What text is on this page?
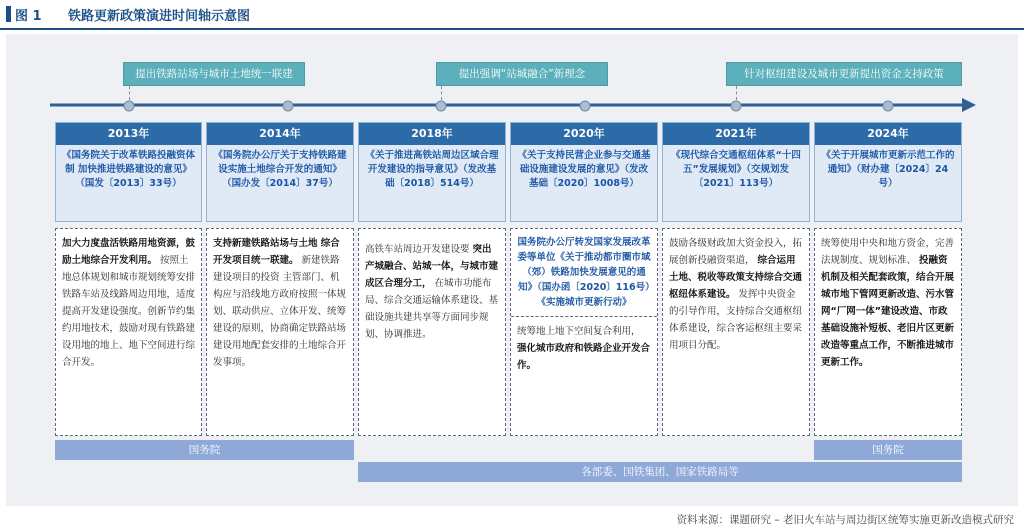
图 1 铁路更新政策演进时间轴示意图
提出铁路站场与城市土地统一联建	提出强调“站城融合”新理念	针对枢纽建设及城市更新提出资金支持政策
2013年
《国务院关于改革铁路投融资体制 加快推进铁路建设的意见》（国发〔2013〕33号）
2014年
《国务院办公厅关于支持铁路建设实施土地综合开发的通知》（国办发〔2014〕37号）
2018年
《关于推进高铁站周边区域合理开发建设的指导意见》（发改基础〔2018〕514号）
2020年
《关于支持民营企业参与交通基础设施建设发展的意见》（发改基础〔2020〕1008号）
2021年
《现代综合交通枢纽体系“十四五”发展规划》（交规划发〔2021〕113号）
2024年
《关于开展城市更新示范工作的通知》（财办建〔2024〕24号）
加大力度盘活铁路用地资源，鼓励土地综合开发利用。 按照土地总体规划和城市规划统筹安排铁路车站及线路周边用地，适度提高开发建设强度。创新节约集约用地技术，鼓励对现有铁路建设用地的地上、地下空间进行综合开发。
支持新建铁路站场与土地 综合开发项目统一联建。 新建铁路建设项目的投资 主管部门、机构应与沿线地方政府按照一体规划、联动供应、立体开发、统筹建设的原则，协商确定铁路站场建设用地配套安排的土地综合开发事项。
高铁车站周边开发建设要 突出产城融合、站城一体，与城市建成区合理分工， 在城市功能布局、综合交通运输体系建设、基础设施共建共享等方面同步规划、协调推进。
国务院办公厅转发国家发展改革委等单位《关于推动都市圈市域（郊）铁路加快发展意见的通知》（国办函〔2020〕116号）《实施城市更新行动》
统筹地上地下空间复合利用， 强化城市政府和铁路企业开发合作。
鼓励各级财政加大资金投入，拓展创新投融资渠道， 综合运用土地、税收等政策支持综合交通枢纽体系建设。 发挥中央资金的引导作用，支持综合交通枢纽体系建设，综合客运枢纽主要采用项目分配。
统筹使用中央和地方资金，完善法规制度、规划标准、 投融资机制及相关配套政策，结合开展城市地下管网更新改造、污水管网“厂网一体”建设改造、市政基础设施补短板、老旧片区更新改造等重点工作，不断推进城市更新工作。
国务院	国务院
各部委、国铁集团、国家铁路局等
资料来源：课题研究 – 老旧火车站与周边街区统筹实施更新改造模式研究
